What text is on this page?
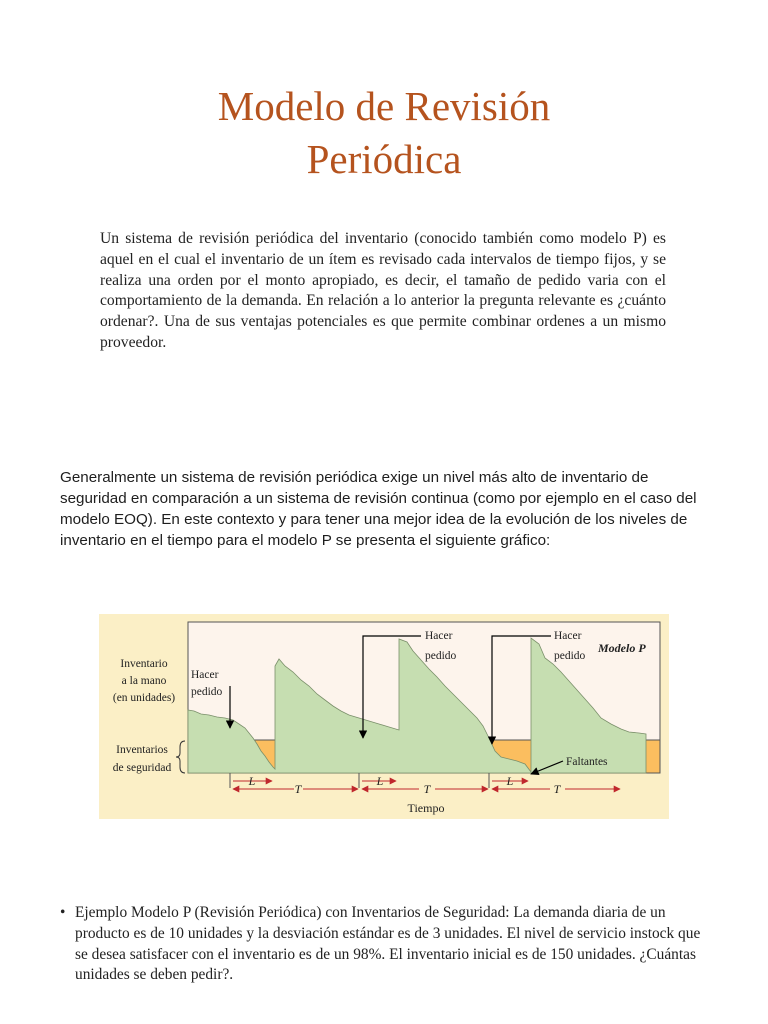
Modelo de Revisión
Periódica

Un sistema de revisión periódica del inventario (conocido también como modelo P) es aquel en el cual el inventario de un ítem es revisado cada intervalos de tiempo fijos, y se realiza una orden por el monto apropiado, es decir, el tamaño de pedido varia con el comportamiento de la demanda. En relación a lo anterior la pregunta relevante es ¿cuánto ordenar?. Una de sus ventajas potenciales es que permite combinar ordenes a un mismo proveedor.

Generalmente un sistema de revisión periódica exige un nivel más alto de inventario de seguridad en comparación a un sistema de revisión continua (como por ejemplo en el caso del modelo EOQ). En este contexto y para tener una mejor idea de la evolución de los niveles de inventario en el tiempo para el modelo P se presenta el siguiente gráfico:

Inventario
a la mano
(en unidades)
Inventarios
de seguridad
Hacer
pedido
Hacer
pedido
Hacer
pedido
Modelo P
Faltantes
L	L	L
T	T	T
Tiempo

• Ejemplo Modelo P (Revisión Periódica) con Inventarios de Seguridad: La demanda diaria de un producto es de 10 unidades y la desviación estándar es de 3 unidades. El nivel de servicio instock que se desea satisfacer con el inventario es de un 98%. El inventario inicial es de 150 unidades. ¿Cuántas unidades se deben pedir?.
